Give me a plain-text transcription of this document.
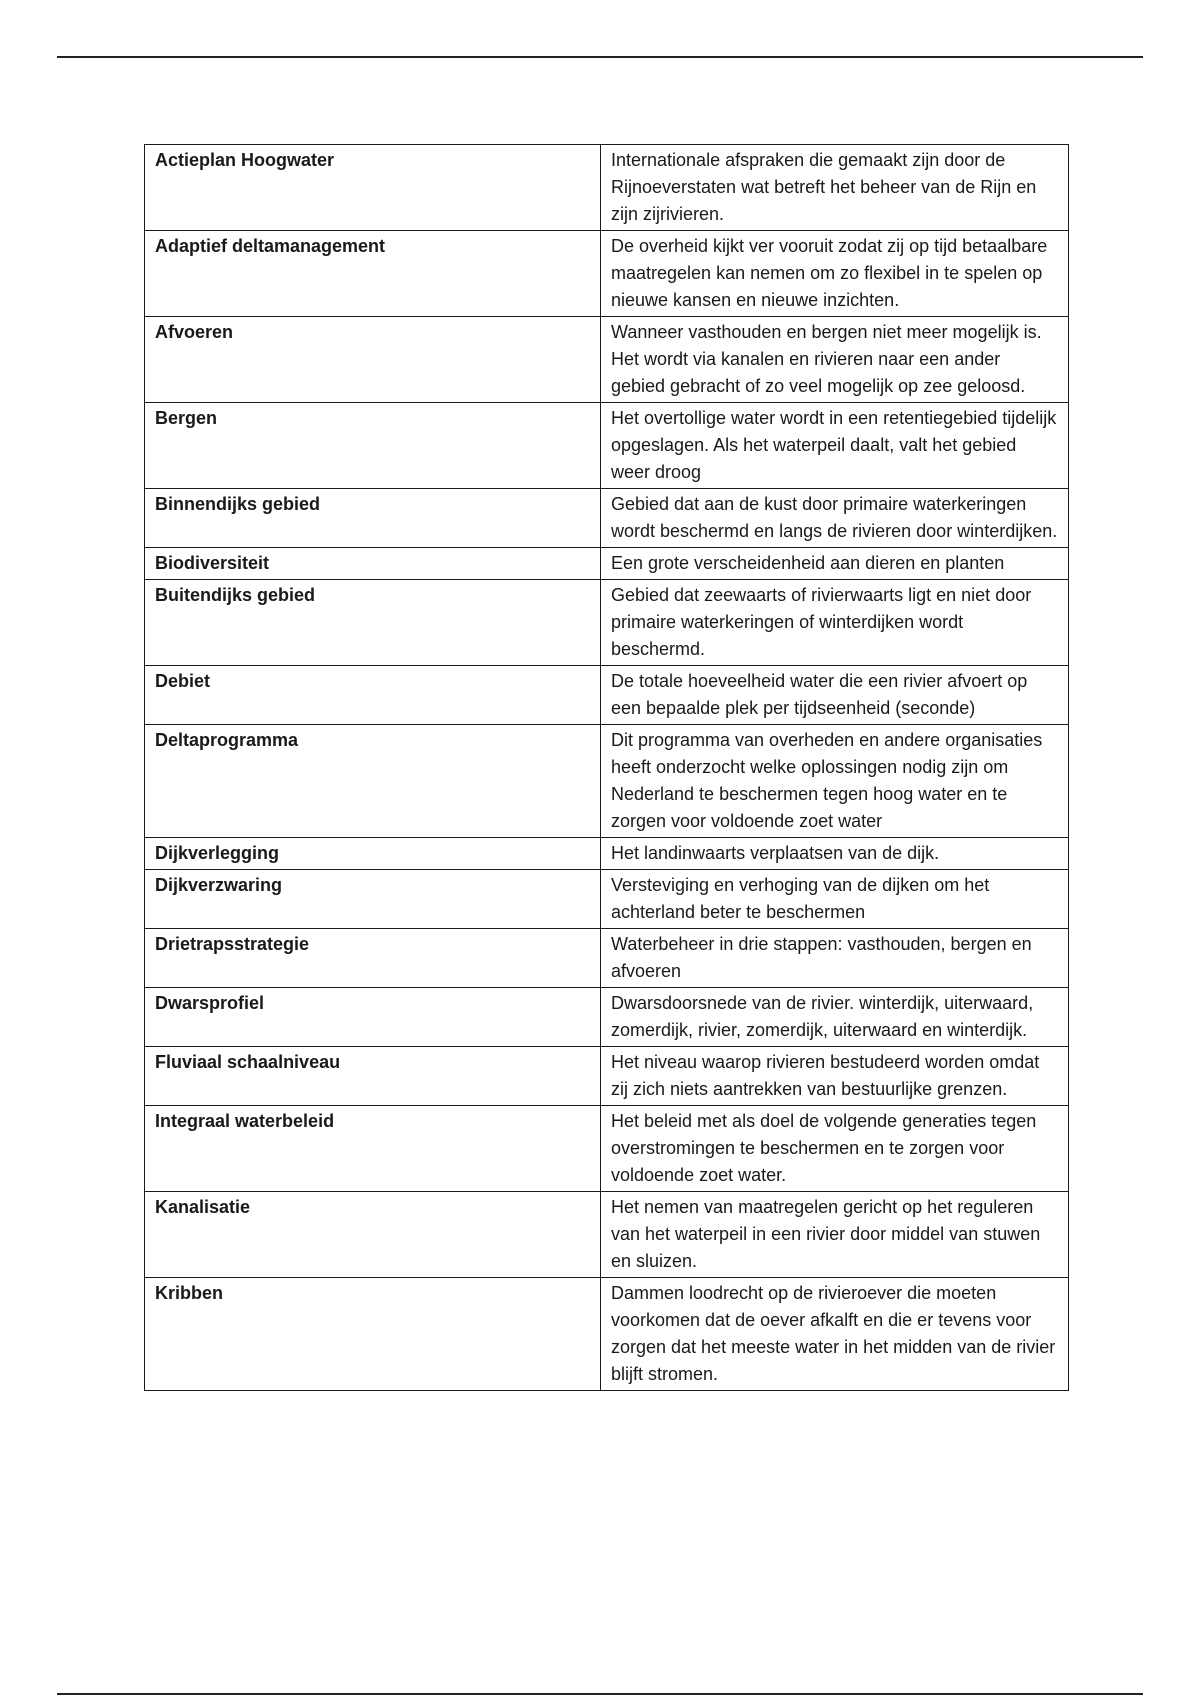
Actieplan Hoogwater	Internationale afspraken die gemaakt zijn door de Rijnoeverstaten wat betreft het beheer van de Rijn en zijn zijrivieren.
Adaptief deltamanagement	De overheid kijkt ver vooruit zodat zij op tijd betaalbare maatregelen kan nemen om zo flexibel in te spelen op nieuwe kansen en nieuwe inzichten.
Afvoeren	Wanneer vasthouden en bergen niet meer mogelijk is. Het wordt via kanalen en rivieren naar een ander gebied gebracht of zo veel mogelijk op zee geloosd.
Bergen	Het overtollige water wordt in een retentiegebied tijdelijk opgeslagen. Als het waterpeil daalt, valt het gebied weer droog
Binnendijks gebied	Gebied dat aan de kust door primaire waterkeringen wordt beschermd en langs de rivieren door winterdijken.
Biodiversiteit	Een grote verscheidenheid aan dieren en planten
Buitendijks gebied	Gebied dat zeewaarts of rivierwaarts ligt en niet door primaire waterkeringen of winterdijken wordt beschermd.
Debiet	De totale hoeveelheid water die een rivier afvoert op een bepaalde plek per tijdseenheid (seconde)
Deltaprogramma	Dit programma van overheden en andere organisaties heeft onderzocht welke oplossingen nodig zijn om Nederland te beschermen tegen hoog water en te zorgen voor voldoende zoet water
Dijkverlegging	Het landinwaarts verplaatsen van de dijk.
Dijkverzwaring	Versteviging en verhoging van de dijken om het achterland beter te beschermen
Drietrapsstrategie	Waterbeheer in drie stappen: vasthouden, bergen en afvoeren
Dwarsprofiel	Dwarsdoorsnede van de rivier. winterdijk, uiterwaard, zomerdijk, rivier, zomerdijk, uiterwaard en winterdijk.
Fluviaal schaalniveau	Het niveau waarop rivieren bestudeerd worden omdat zij zich niets aantrekken van bestuurlijke grenzen.
Integraal waterbeleid	Het beleid met als doel de volgende generaties tegen overstromingen te beschermen en te zorgen voor voldoende zoet water.
Kanalisatie	Het nemen van maatregelen gericht op het reguleren van het waterpeil in een rivier door middel van stuwen en sluizen.
Kribben	Dammen loodrecht op de rivieroever die moeten voorkomen dat de oever afkalft en die er tevens voor zorgen dat het meeste water in het midden van de rivier blijft stromen.
